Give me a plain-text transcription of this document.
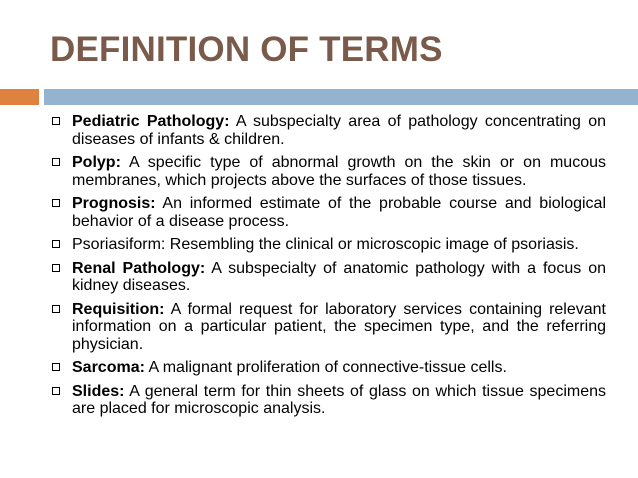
DEFINITION OF TERMS
Pediatric Pathology: A subspecialty area of pathology concentrating on diseases of infants & children.
Polyp: A specific type of abnormal growth on the skin or on mucous membranes, which projects above the surfaces of those tissues.
Prognosis: An informed estimate of the probable course and biological behavior of a disease process.
Psoriasiform: Resembling the clinical or microscopic image of psoriasis.
Renal Pathology: A subspecialty of anatomic pathology with a focus on kidney diseases.
Requisition: A formal request for laboratory services containing relevant information on a particular patient, the specimen type, and the referring physician.
Sarcoma: A malignant proliferation of connective-tissue cells.
Slides: A general term for thin sheets of glass on which tissue specimens are placed for microscopic analysis.
